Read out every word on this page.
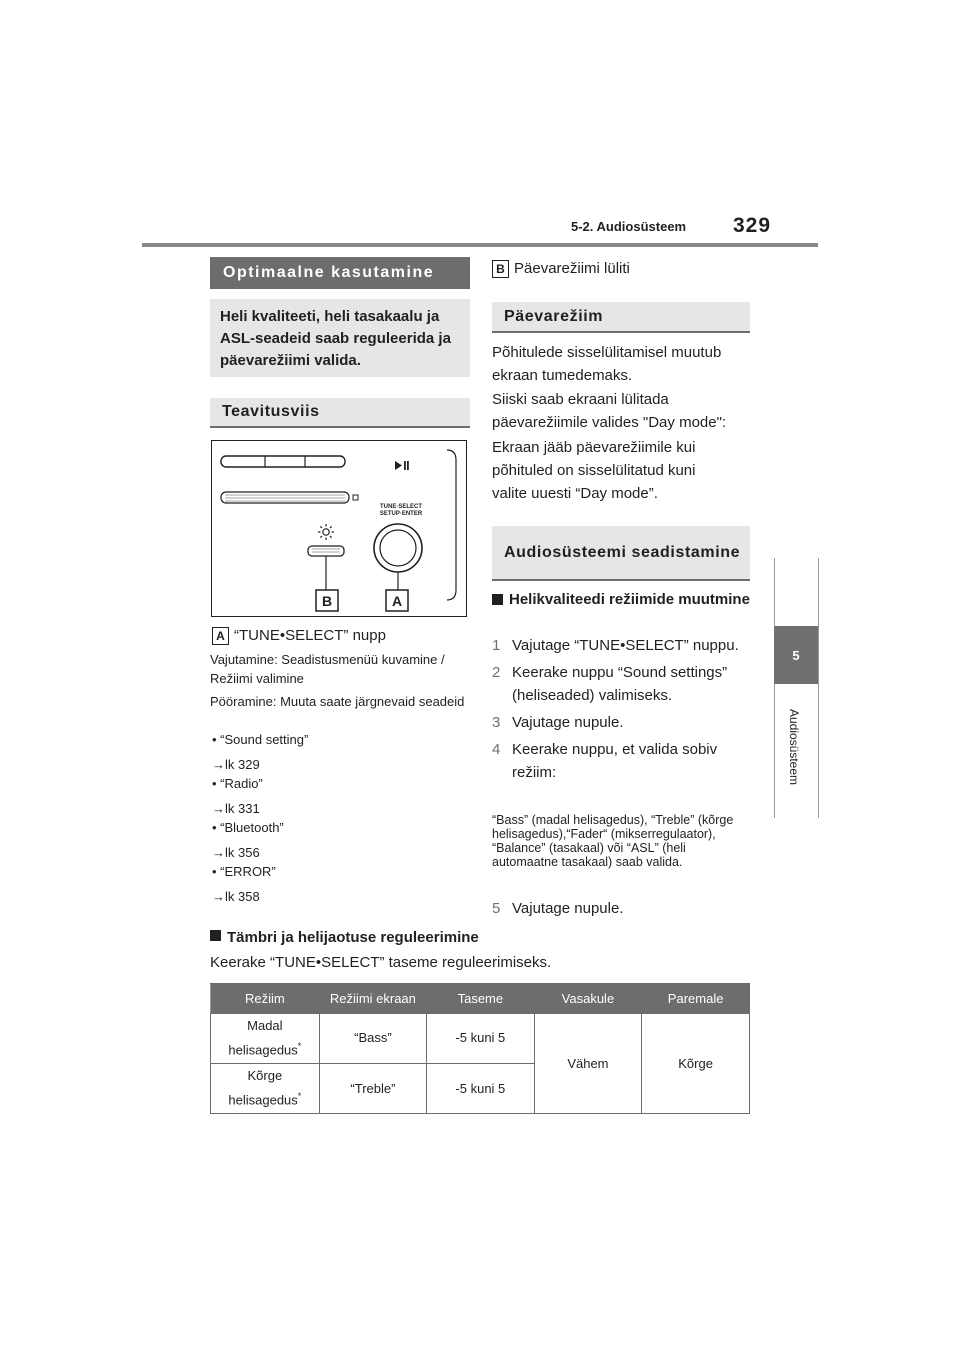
5-2. Audiosüsteem 329
5
Audiosüsteem
Optimaalne kasutamine
Heli kvaliteeti, heli tasakaalu ja ASL-seadeid saab reguleerida ja päevarežiimi valida.
Teavitusviis
TUNE·SELECT
SETUP·ENTER
B	A
A “TUNE•SELECT” nupp
Vajutamine: Seadistusmenüü kuvamine / Režiimi valimine
Pööramine: Muuta saate järgnevaid seadeid
• “Sound setting”
→lk 329
• “Radio”
→lk 331
• “Bluetooth”
→lk 356
• “ERROR”
→lk 358
B Päevarežiimi lüliti
Päevarežiim
Põhitulede sisselülitamisel muutub ekraan tumedemaks.
Siiski saab ekraani lülitada päevarežiimile valides "Day mode":
Ekraan jääb päevarežiimile kui põhituled on sisselülitatud kuni valite uuesti “Day mode”.
Audiosüsteemi seadistamine
Helikvaliteedi režiimide muutmine
1 Vajutage “TUNE•SELECT” nuppu.
2 Keerake nuppu “Sound settings” (heliseaded) valimiseks.
3 Vajutage nupule.
4 Keerake nuppu, et valida sobiv režiim:
“Bass” (madal helisagedus), “Treble” (kõrge helisagedus),“Fader“ (mikserregulaator), “Balance” (tasakaal) või “ASL” (heli automaatne tasakaal) saab valida.
5 Vajutage nupule.
Tämbri ja helijaotuse reguleerimine
Keerake “TUNE•SELECT” taseme reguleerimiseks.
Režiim	Režiimi ekraan	Taseme	Vasakule	Paremale
Madal helisagedus*	“Bass”	-5 kuni 5	Vähem	Kõrge
Kõrge helisagedus*	“Treble”	-5 kuni 5		
